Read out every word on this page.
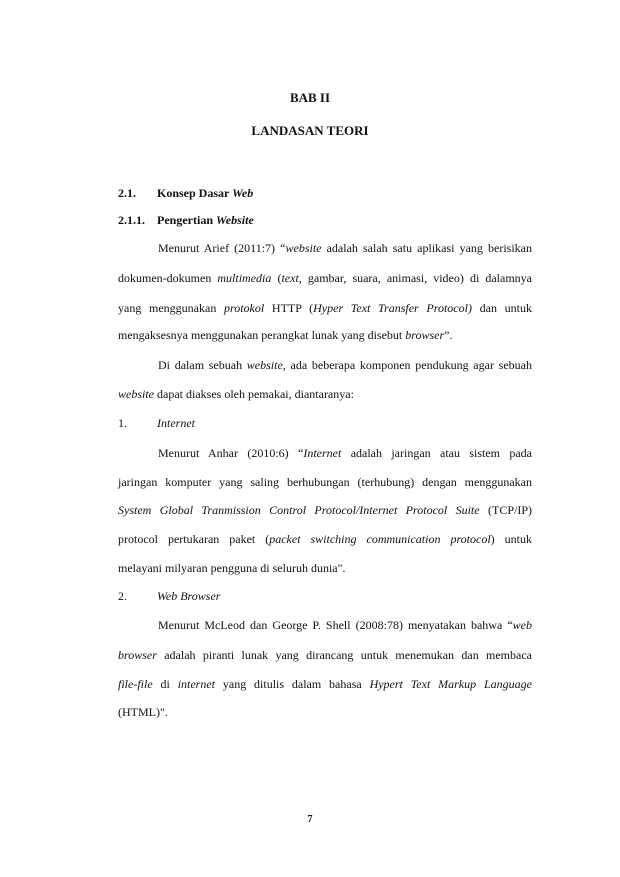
BAB II
LANDASAN TEORI
2.1. Konsep Dasar Web
2.1.1. Pengertian Website
Menurut Arief (2011:7) “website adalah salah satu aplikasi yang berisikan
dokumen-dokumen multimedia (text, gambar, suara, animasi, video) di dalamnya
yang menggunakan protokol HTTP (Hyper Text Transfer Protocol) dan untuk
mengaksesnya menggunakan perangkat lunak yang disebut browser”.
Di dalam sebuah website, ada beberapa komponen pendukung agar sebuah
website dapat diakses oleh pemakai, diantaranya:
1.	Internet
Menurut Anhar (2010:6) “Internet adalah jaringan atau sistem pada
jaringan komputer yang saling berhubungan (terhubung) dengan menggunakan
System Global Tranmission Control Protocol/Internet Protocol Suite (TCP/IP)
protocol pertukaran paket (packet switching communication protocol) untuk
melayani milyaran pengguna di seluruh dunia".
2.	Web Browser
Menurut McLeod dan George P. Shell (2008:78) menyatakan bahwa “web
browser adalah piranti lunak yang dirancang untuk menemukan dan membaca
file-file di internet yang ditulis dalam bahasa Hypert Text Markup Language
(HTML)".
7
